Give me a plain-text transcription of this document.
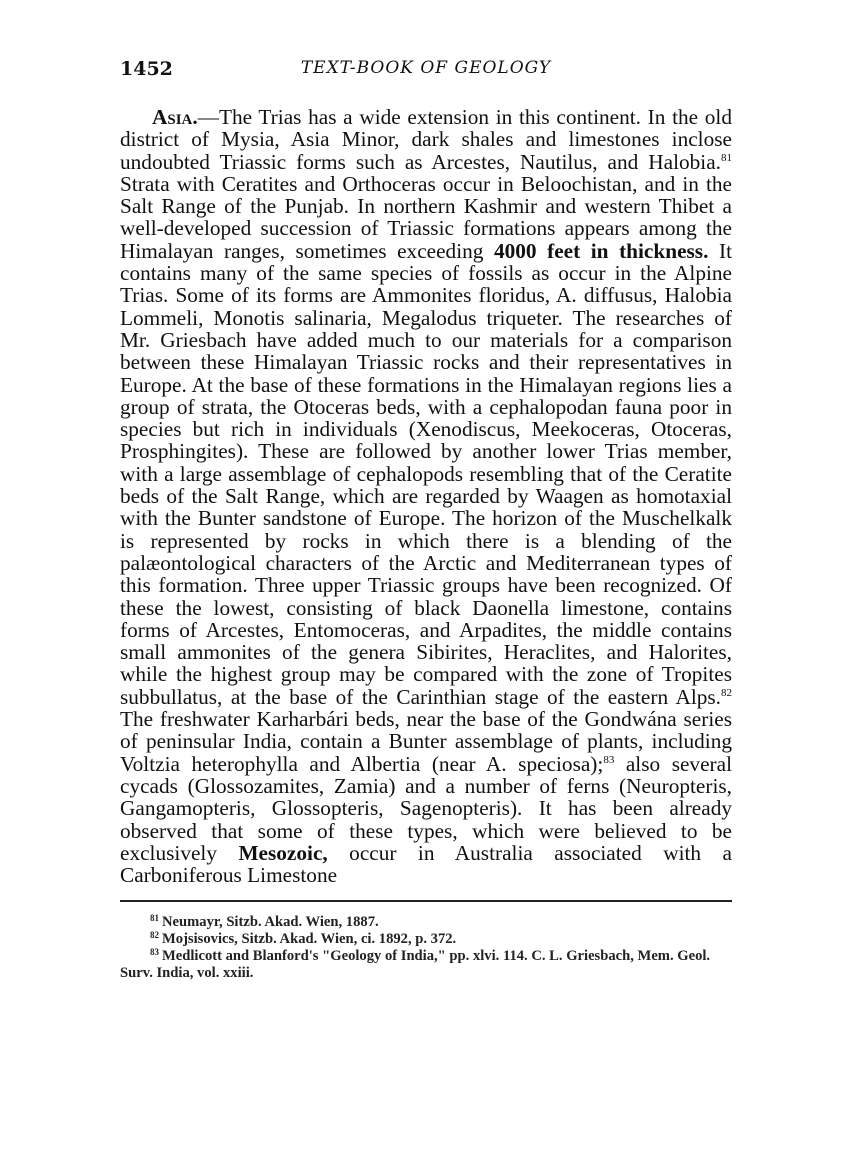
1452	TEXT-BOOK OF GEOLOGY

Asia.—The Trias has a wide extension in this continent. In the old district of Mysia, Asia Minor, dark shales and limestones inclose undoubted Triassic forms such as Arcestes, Nautilus, and Halobia.$^{81}$ Strata with Ceratites and Orthoceras occur in Beloochistan, and in the Salt Range of the Punjab. In northern Kashmir and western Thibet a well-developed succession of Triassic formations appears among the Himalayan ranges, sometimes exceeding 4000 feet in thickness. It contains many of the same species of fossils as occur in the Alpine Trias. Some of its forms are Ammonites floridus, A. diffusus, Halobia Lommeli, Monotis salinaria, Megalodus triqueter. The researches of Mr. Griesbach have added much to our materials for a comparison between these Himalayan Triassic rocks and their representatives in Europe. At the base of these formations in the Himalayan regions lies a group of strata, the Otoceras beds, with a cephalopodan fauna poor in species but rich in individuals (Xenodiscus, Meekoceras, Otoceras, Prosphingites). These are followed by another lower Trias member, with a large assemblage of cephalopods resembling that of the Ceratite beds of the Salt Range, which are regarded by Waagen as homotaxial with the Bunter sandstone of Europe. The horizon of the Muschelkalk is represented by rocks in which there is a blending of the palæontological characters of the Arctic and Mediterranean types of this formation. Three upper Triassic groups have been recognized. Of these the lowest, consisting of black Daonella limestone, contains forms of Arcestes, Entomoceras, and Arpadites, the middle contains small ammonites of the genera Sibirites, Heraclites, and Halorites, while the highest group may be compared with the zone of Tropites subbullatus, at the base of the Carinthian stage of the eastern Alps.$^{82}$ The freshwater Karharbári beds, near the base of the Gondwána series of peninsular India, contain a Bunter assemblage of plants, including Voltzia heterophylla and Albertia (near A. speciosa);$^{83}$ also several cycads (Glossozamites, Zamia) and a number of ferns (Neuropteris, Gangamopteris, Glossopteris, Sagenopteris). It has been already observed that some of these types, which were believed to be exclusively Mesozoic, occur in Australia associated with a Carboniferous Limestone

$^{81}$ Neumayr, Sitzb. Akad. Wien, 1887.
$^{82}$ Mojsisovics, Sitzb. Akad. Wien, ci. 1892, p. 372.
$^{83}$ Medlicott and Blanford's "Geology of India," pp. xlvi. 114. C. L. Griesbach, Mem. Geol. Surv. India, vol. xxiii.
